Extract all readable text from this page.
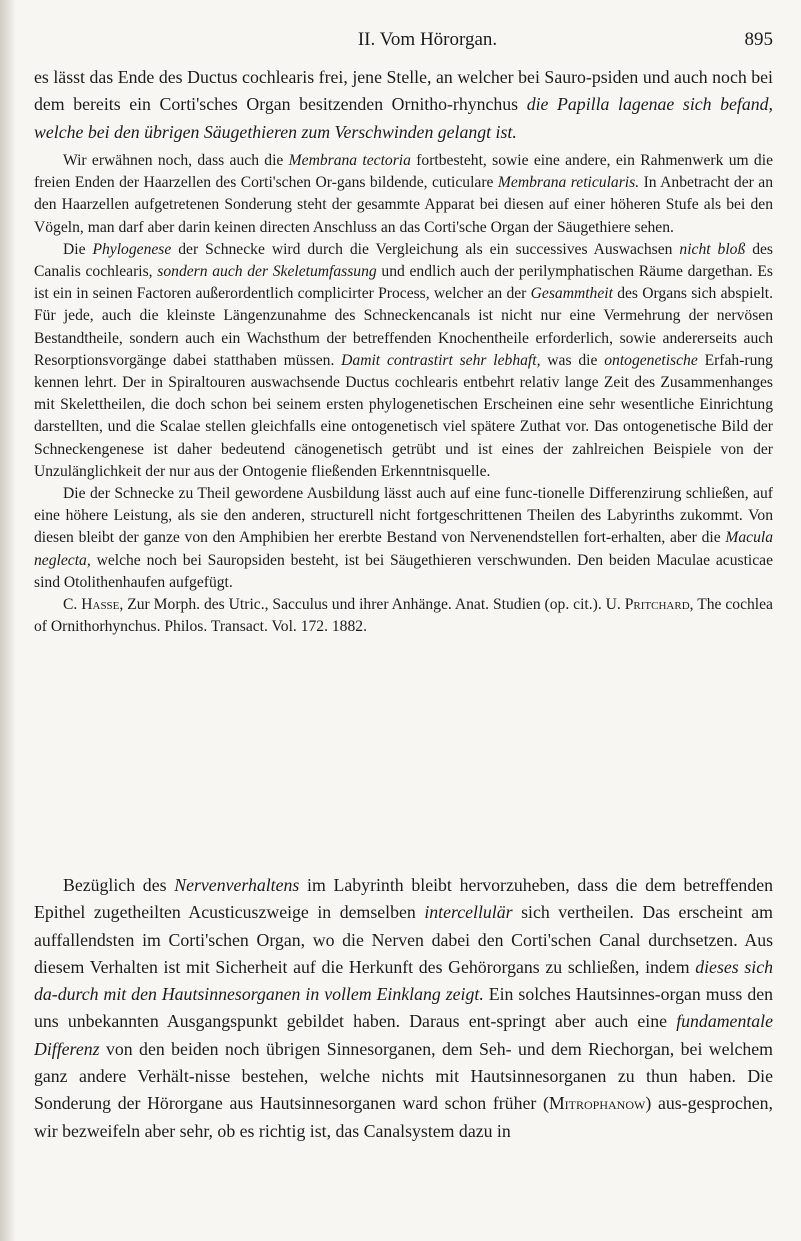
II. Vom Hörorgan.	895

es lässt das Ende des Ductus cochlearis frei, jene Stelle, an welcher bei Sauro-psiden und auch noch bei dem bereits ein Corti'sches Organ besitzenden Ornitho-rhynchus die Papilla lagenae sich befand, welche bei den übrigen Säugethieren zum Verschwinden gelangt ist.

Wir erwähnen noch, dass auch die Membrana tectoria fortbesteht, sowie eine andere, ein Rahmenwerk um die freien Enden der Haarzellen des Corti'schen Or-gans bildende, cuticulare Membrana reticularis. In Anbetracht der an den Haarzellen aufgetretenen Sonderung steht der gesammte Apparat bei diesen auf einer höheren Stufe als bei den Vögeln, man darf aber darin keinen directen Anschluss an das Corti'sche Organ der Säugethiere sehen.

Die Phylogenese der Schnecke wird durch die Vergleichung als ein successives Auswachsen nicht bloß des Canalis cochlearis, sondern auch der Skeletumfassung und endlich auch der perilymphatischen Räume dargethan. Es ist ein in seinen Factoren außerordentlich complicirter Process, welcher an der Gesammtheit des Organs sich abspielt. Für jede, auch die kleinste Längenzunahme des Schneckencanals ist nicht nur eine Vermehrung der nervösen Bestandtheile, sondern auch ein Wachsthum der betreffenden Knochentheile erforderlich, sowie andererseits auch Resorptionsvorgänge dabei statthaben müssen. Damit contrastirt sehr lebhaft, was die ontogenetische Erfah-rung kennen lehrt. Der in Spiraltouren auswachsende Ductus cochlearis entbehrt relativ lange Zeit des Zusammenhanges mit Skelettheilen, die doch schon bei seinem ersten phylogenetischen Erscheinen eine sehr wesentliche Einrichtung darstellten, und die Scalae stellen gleichfalls eine ontogenetisch viel spätere Zuthat vor. Das ontogenetische Bild der Schneckengenese ist daher bedeutend cänogenetisch getrübt und ist eines der zahlreichen Beispiele von der Unzulänglichkeit der nur aus der Ontogenie fließenden Erkenntnisquelle.

Die der Schnecke zu Theil gewordene Ausbildung lässt auch auf eine func-tionelle Differenzirung schließen, auf eine höhere Leistung, als sie den anderen, structurell nicht fortgeschrittenen Theilen des Labyrinths zukommt. Von diesen bleibt der ganze von den Amphibien her ererbte Bestand von Nervenendstellen fort-erhalten, aber die Macula neglecta, welche noch bei Sauropsiden besteht, ist bei Säugethieren verschwunden. Den beiden Maculae acusticae sind Otolithenhaufen aufgefügt.

C. Hasse, Zur Morph. des Utric., Sacculus und ihrer Anhänge. Anat. Studien (op. cit.). U. Pritchard, The cochlea of Ornithorhynchus. Philos. Transact. Vol. 172. 1882.

Bezüglich des Nervenverhaltens im Labyrinth bleibt hervorzuheben, dass die dem betreffenden Epithel zugetheilten Acusticuszweige in demselben intercellulär sich vertheilen. Das erscheint am auffallendsten im Corti'schen Organ, wo die Nerven dabei den Corti'schen Canal durchsetzen. Aus diesem Verhalten ist mit Sicherheit auf die Herkunft des Gehörorgans zu schließen, indem dieses sich da-durch mit den Hautsinnesorganen in vollem Einklang zeigt. Ein solches Hautsinnes-organ muss den uns unbekannten Ausgangspunkt gebildet haben. Daraus ent-springt aber auch eine fundamentale Differenz von den beiden noch übrigen Sinnesorganen, dem Seh- und dem Riechorgan, bei welchem ganz andere Verhält-nisse bestehen, welche nichts mit Hautsinnesorganen zu thun haben. Die Sonderung der Hörorgane aus Hautsinnesorganen ward schon früher (Mitrophanow) aus-gesprochen, wir bezweifeln aber sehr, ob es richtig ist, das Canalsystem dazu in
